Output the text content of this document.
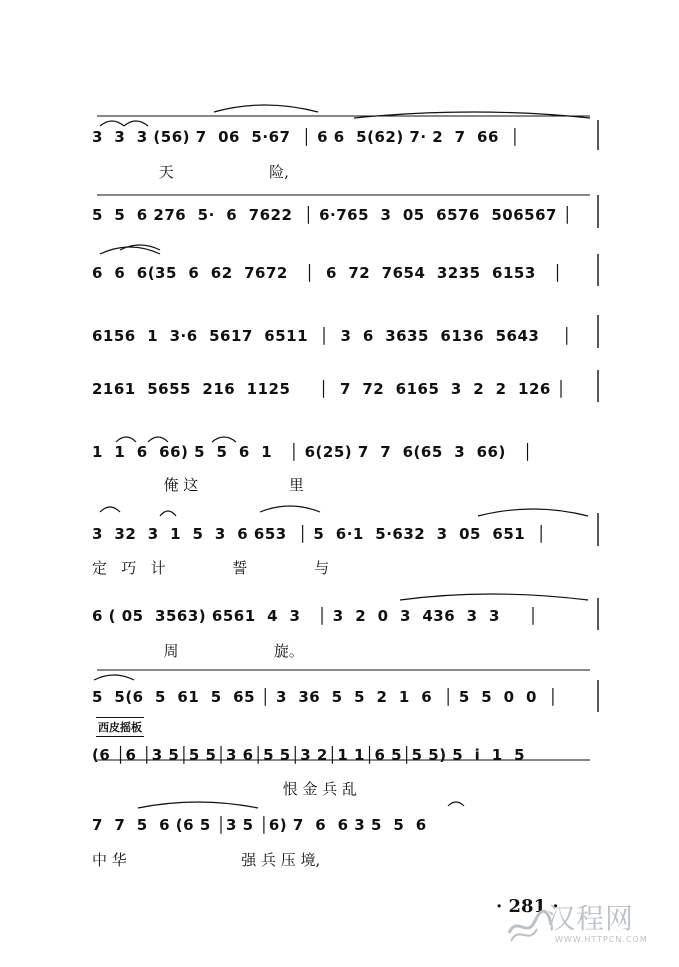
3  3  3 (56) 7  06  5·67  │ 6 6  5(62) 7· 2  7  66  │
天                    险,
5  5  6 276  5·  6  7622  │ 6·765  3  05  6576  506567 │
6  6  6(35  6  62  7672   │  6  72  7654  3235  6153   │
6156  1  3·6  5617  6511  │  3  6  3635  6136  5643    │
2161  5655  216  1125     │  7  72  6165  3  2  2  126 │
1  1  6  66) 5  5  6  1   │ 6(25) 7  7  6(65  3  66)   │
俺 这                   里
3  32  3  1  5  3  6 653  │ 5  6·1  5·632  3  05  651  │
定   巧   计              誓              与
6 ( 05  3563) 6561  4  3   │ 3  2  0  3  436  3  3     │
周                    旋。
5  5(6  5  61  5  65 │ 3  36  5  5  2  1  6  │ 5  5  0  0  │
西皮摇板
(6 │6 │3 5│5 5│3 6│5 5│3 2│1 1│6 5│5 5) 5  i  1  5
恨 金 兵 乱
7  7  5  6 (6 5 │3 5 │6) 7  6  6 3 5  5  6
中 华                        强 兵 压 境,
· 281 ·
汉程网
WWW.HTTPCN.COM
